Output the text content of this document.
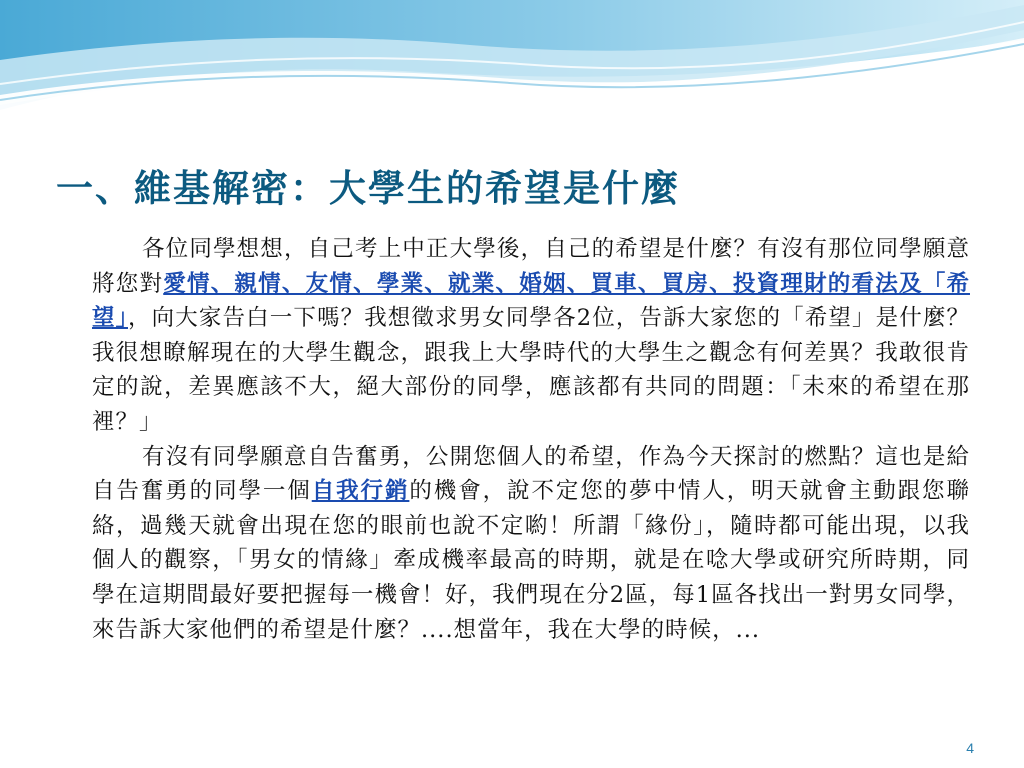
一、維基解密：大學生的希望是什麼

各位同學想想，自己考上中正大學後，自己的希望是什麼？有沒有那位同學願意將您對愛情、親情、友情、學業、就業、婚姻、買車、買房、投資理財的看法及「希望」，向大家告白一下嗎？我想徵求男女同學各2位，告訴大家您的「希望」是什麼？我很想瞭解現在的大學生觀念，跟我上大學時代的大學生之觀念有何差異？我敢很肯定的說，差異應該不大，絕大部份的同學，應該都有共同的問題：「未來的希望在那裡？」

有沒有同學願意自告奮勇，公開您個人的希望，作為今天探討的燃點？這也是給自告奮勇的同學一個自我行銷的機會，說不定您的夢中情人，明天就會主動跟您聯絡，過幾天就會出現在您的眼前也說不定喲！所謂「緣份」，隨時都可能出現，以我個人的觀察，「男女的情緣」牽成機率最高的時期，就是在唸大學或研究所時期，同學在這期間最好要把握每一機會！好，我們現在分2區，每1區各找出一對男女同學，來告訴大家他們的希望是什麼？....想當年，我在大學的時候，...

4
